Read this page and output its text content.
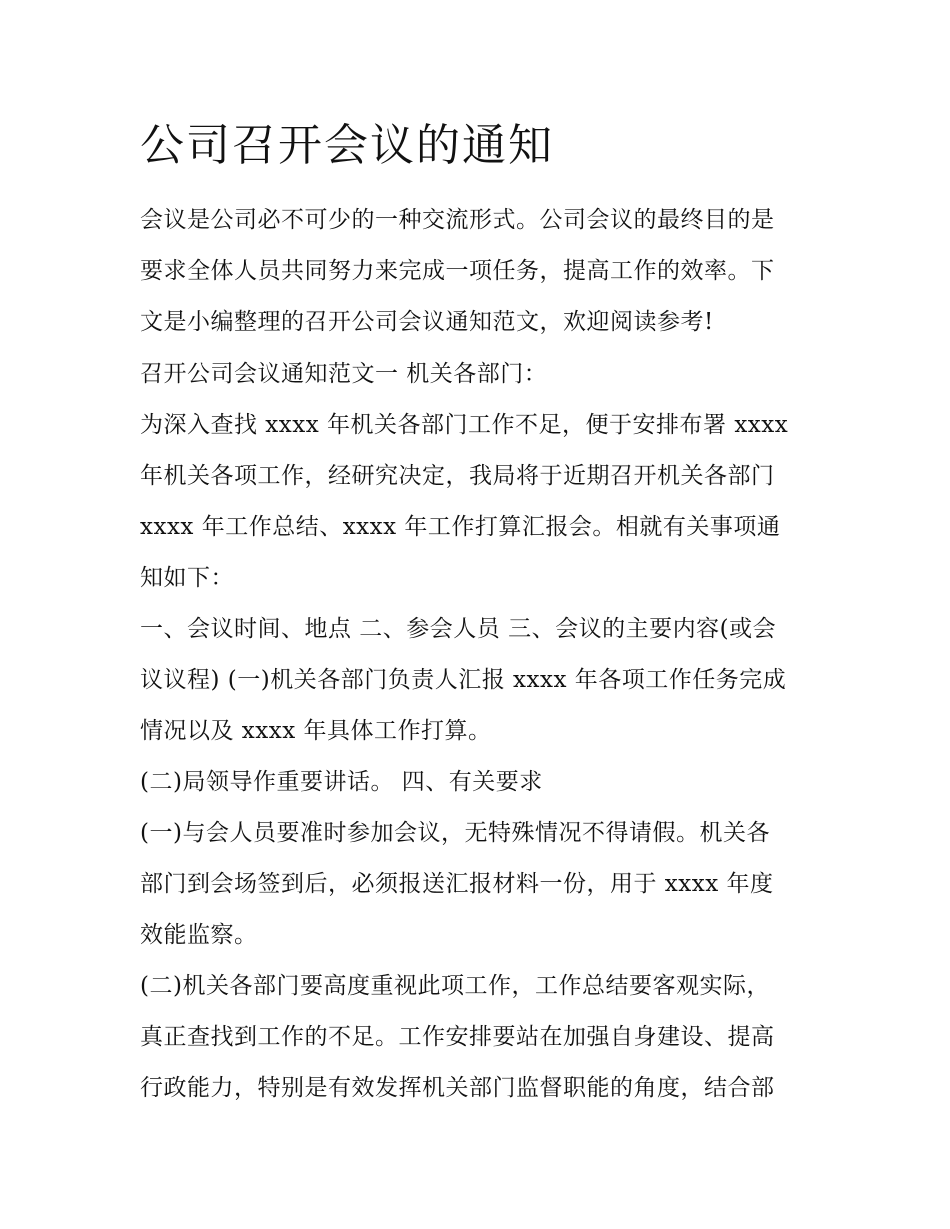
公司召开会议的通知

会议是公司必不可少的一种交流形式。公司会议的最终目的是

要求全体人员共同努力来完成一项任务，提高工作的效率。下

文是小编整理的召开公司会议通知范文，欢迎阅读参考!

召开公司会议通知范文一 机关各部门：

为深入查找 xxxx 年机关各部门工作不足，便于安排布署 xxxx

年机关各项工作，经研究决定，我局将于近期召开机关各部门

xxxx 年工作总结、xxxx 年工作打算汇报会。相就有关事项通

知如下：

一、会议时间、地点 二、参会人员 三、会议的主要内容(或会

议议程) (一)机关各部门负责人汇报 xxxx 年各项工作任务完成

情况以及 xxxx 年具体工作打算。

(二)局领导作重要讲话。 四、有关要求

(一)与会人员要准时参加会议，无特殊情况不得请假。机关各

部门到会场签到后，必须报送汇报材料一份，用于 xxxx 年度

效能监察。

(二)机关各部门要高度重视此项工作，工作总结要客观实际，

真正查找到工作的不足。工作安排要站在加强自身建设、提高

行政能力，特别是有效发挥机关部门监督职能的角度，结合部
